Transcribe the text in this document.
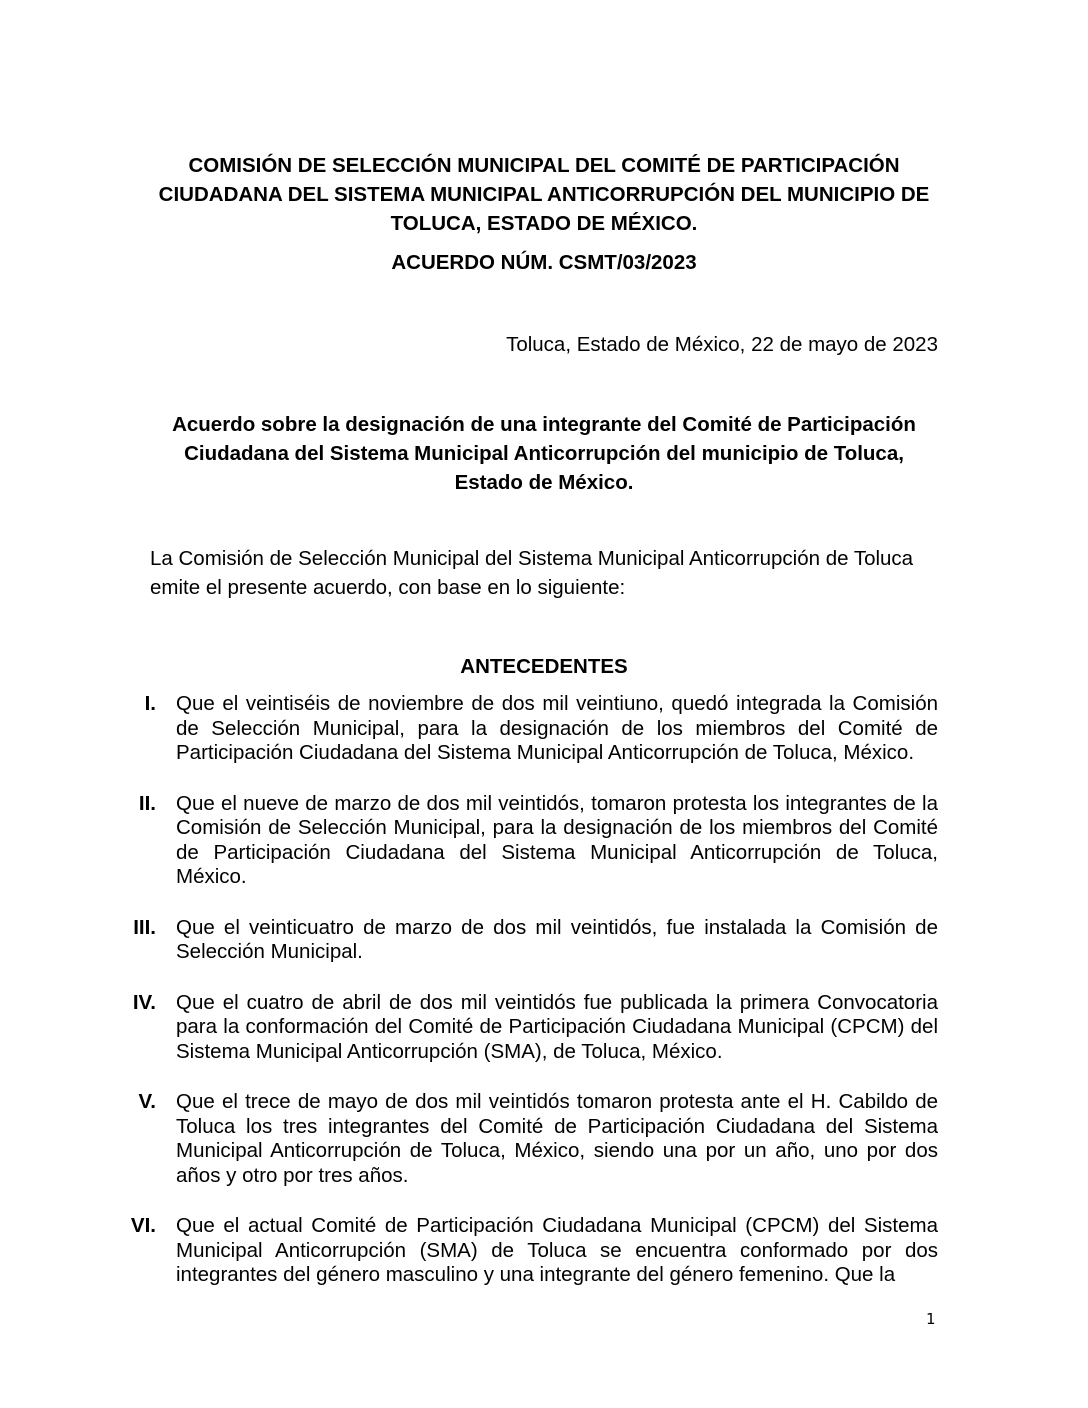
COMISIÓN DE SELECCIÓN MUNICIPAL DEL COMITÉ DE PARTICIPACIÓN CIUDADANA DEL SISTEMA MUNICIPAL ANTICORRUPCIÓN DEL MUNICIPIO DE TOLUCA, ESTADO DE MÉXICO.
ACUERDO NÚM. CSMT/03/2023
Toluca, Estado de México, 22 de mayo de 2023
Acuerdo sobre la designación de una integrante del Comité de Participación Ciudadana del Sistema Municipal Anticorrupción del municipio de Toluca, Estado de México.
La Comisión de Selección Municipal del Sistema Municipal Anticorrupción de Toluca
emite el presente acuerdo, con base en lo siguiente:
ANTECEDENTES
I. Que el veintiséis de noviembre de dos mil veintiuno, quedó integrada la Comisión de Selección Municipal, para la designación de los miembros del Comité de Participación Ciudadana del Sistema Municipal Anticorrupción de Toluca, México.
II. Que el nueve de marzo de dos mil veintidós, tomaron protesta los integrantes de la Comisión de Selección Municipal, para la designación de los miembros del Comité de Participación Ciudadana del Sistema Municipal Anticorrupción de Toluca, México.
III. Que el veinticuatro de marzo de dos mil veintidós, fue instalada la Comisión de Selección Municipal.
IV. Que el cuatro de abril de dos mil veintidós fue publicada la primera Convocatoria para la conformación del Comité de Participación Ciudadana Municipal (CPCM) del Sistema Municipal Anticorrupción (SMA), de Toluca, México.
V. Que el trece de mayo de dos mil veintidós tomaron protesta ante el H. Cabildo de Toluca los tres integrantes del Comité de Participación Ciudadana del Sistema Municipal Anticorrupción de Toluca, México, siendo una por un año, uno por dos años y otro por tres años.
VI. Que el actual Comité de Participación Ciudadana Municipal (CPCM) del Sistema Municipal Anticorrupción (SMA) de Toluca se encuentra conformado por dos integrantes del género masculino y una integrante del género femenino. Que la
1
